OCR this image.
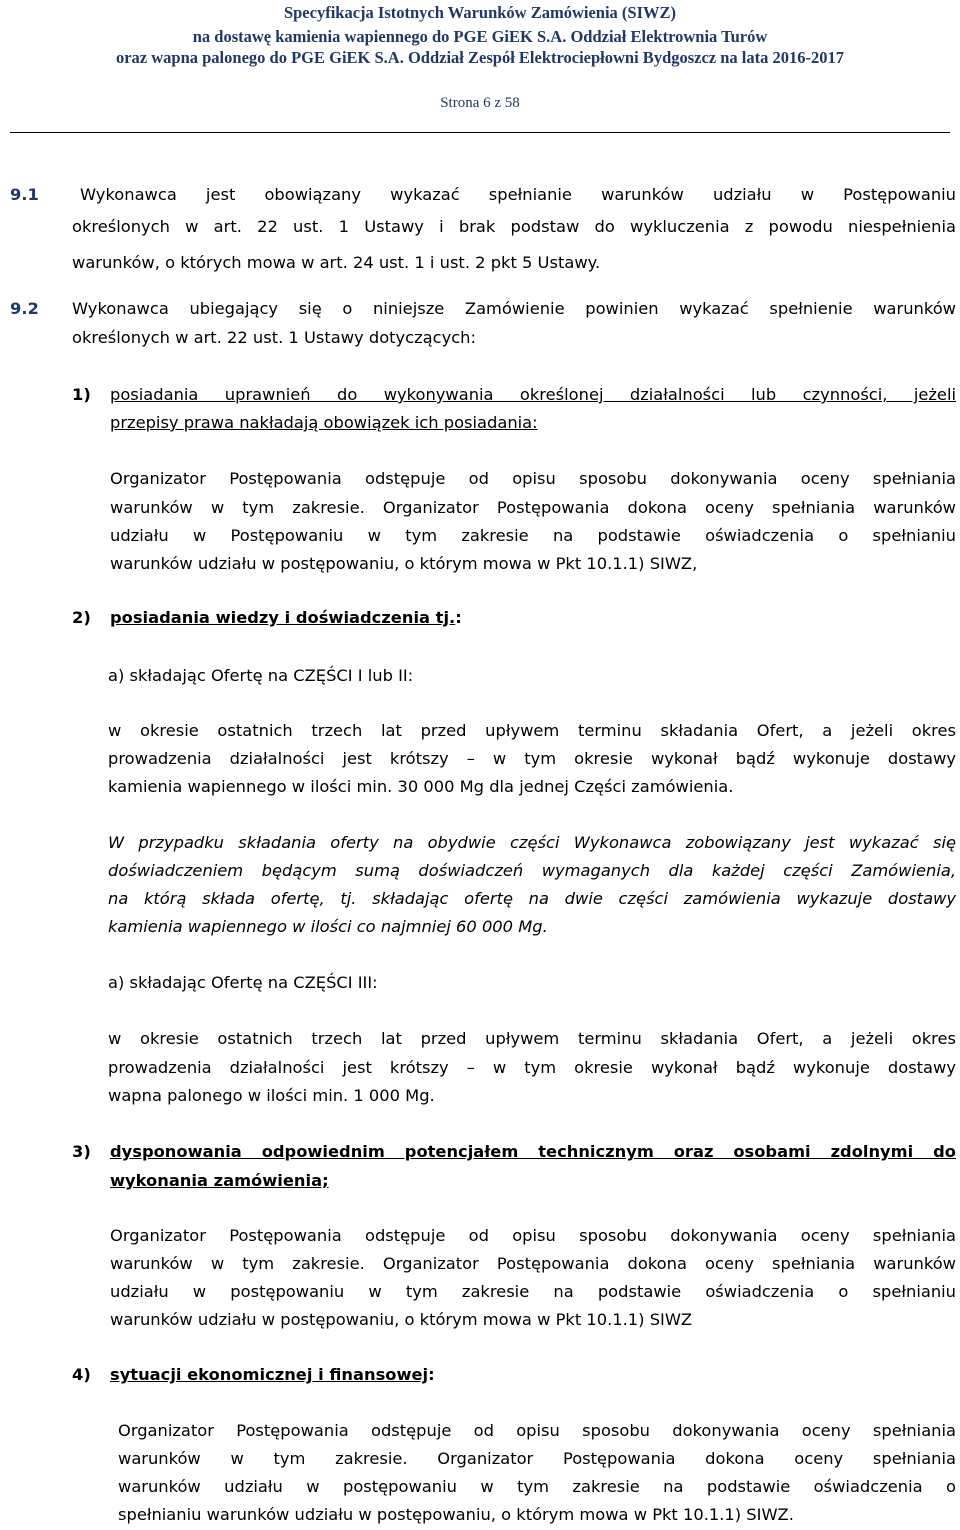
Specyfikacja Istotnych Warunków Zamówienia (SIWZ)
na dostawę kamienia wapiennego do PGE GiEK S.A. Oddział Elektrownia Turów
oraz wapna palonego do PGE GiEK S.A. Oddział Zespół Elektrociepłowni Bydgoszcz na lata 2016-2017
Strona 6 z 58
9.1	Wykonawca jest obowiązany wykazać spełnianie warunków udziału w Postępowaniu
określonych w art. 22 ust. 1 Ustawy i brak podstaw do wykluczenia z powodu niespełnienia
warunków, o których mowa w art. 24 ust. 1 i ust. 2 pkt 5 Ustawy.
9.2 Wykonawca ubiegający się o niniejsze Zamówienie powinien wykazać spełnienie warunków
określonych w art. 22 ust. 1 Ustawy dotyczących:
1) posiadania uprawnień do wykonywania określonej działalności lub czynności, jeżeli
przepisy prawa nakładają obowiązek ich posiadania:
Organizator Postępowania odstępuje od opisu sposobu dokonywania oceny spełniania
warunków w tym zakresie. Organizator Postępowania dokona oceny spełniania warunków
udziału w Postępowaniu w tym zakresie na podstawie oświadczenia o spełnianiu
warunków udziału w postępowaniu, o którym mowa w Pkt 10.1.1) SIWZ,
2) posiadania wiedzy i doświadczenia tj.:
a) składając Ofertę na CZĘŚCI I lub II:
w okresie ostatnich trzech lat przed upływem terminu składania Ofert, a jeżeli okres
prowadzenia działalności jest krótszy – w tym okresie wykonał bądź wykonuje dostawy
kamienia wapiennego w ilości min. 30 000 Mg dla jednej Części zamówienia.
W przypadku składania oferty na obydwie części Wykonawca zobowiązany jest wykazać się
doświadczeniem będącym sumą doświadczeń wymaganych dla każdej części Zamówienia,
na którą składa ofertę, tj. składając ofertę na dwie części zamówienia wykazuje dostawy
kamienia wapiennego w ilości co najmniej 60 000 Mg.
a) składając Ofertę na CZĘŚCI III:
w okresie ostatnich trzech lat przed upływem terminu składania Ofert, a jeżeli okres
prowadzenia działalności jest krótszy – w tym okresie wykonał bądź wykonuje dostawy
wapna palonego w ilości min. 1 000 Mg.
3) dysponowania odpowiednim potencjałem technicznym oraz osobami zdolnymi do
wykonania zamówienia;
Organizator Postępowania odstępuje od opisu sposobu dokonywania oceny spełniania
warunków w tym zakresie. Organizator Postępowania dokona oceny spełniania warunków
udziału w postępowaniu w tym zakresie na podstawie oświadczenia o spełnianiu
warunków udziału w postępowaniu, o którym mowa w Pkt 10.1.1) SIWZ
4) sytuacji ekonomicznej i finansowej:
Organizator Postępowania odstępuje od opisu sposobu dokonywania oceny spełniania
warunków w tym zakresie. Organizator Postępowania dokona oceny spełniania
warunków udziału w postępowaniu w tym zakresie na podstawie oświadczenia o
spełnianiu warunków udziału w postępowaniu, o którym mowa w Pkt 10.1.1) SIWZ.
